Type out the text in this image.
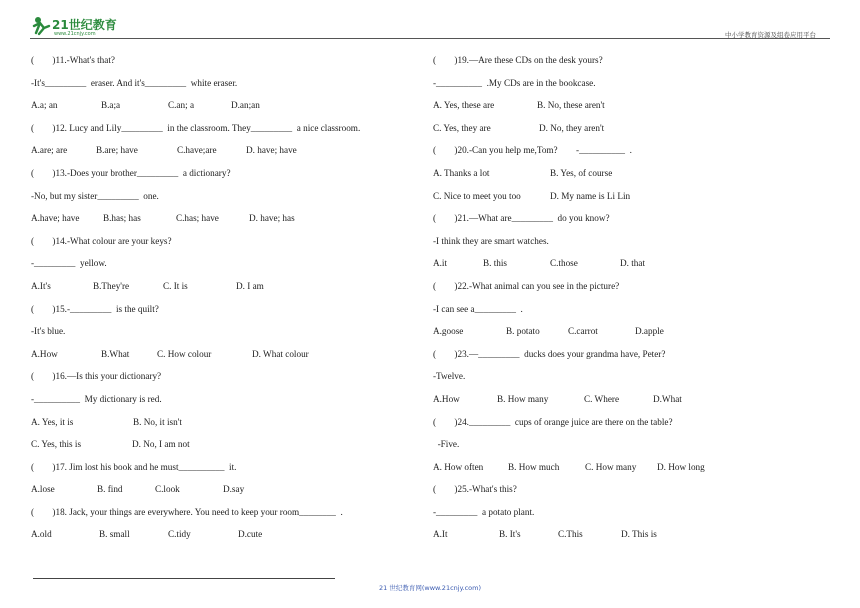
21世纪教育
www.21cnjy.com	中小学教育资源及组卷应用平台
(        )11.-What's that?
-It's_________  eraser. And it's_________  white eraser.
A.a; an	B.a;a	C.an; a	D.an;an
(        )12. Lucy and Lily_________  in the classroom. They_________  a nice classroom.
A.are; are	B.are; have	C.have;are	D. have; have
(        )13.-Does your brother_________  a dictionary?
-No, but my sister_________  one.
A.have; have	B.has; has	C.has; have	D. have; has
(        )14.-What colour are your keys?
-_________  yellow.
A.It's	B.They're	C. It is	D. I am
(        )15.-_________  is the quilt?
-It's blue.
A.How	B.What	C. How colour	D. What colour
(        )16.—Is this your dictionary?
-__________  My dictionary is red.
A. Yes, it is	B. No, it isn't
C. Yes, this is	D. No, I am not
(        )17. Jim lost his book and he must__________  it.
A.lose	B. find	C.look	D.say
(        )18. Jack, your things are everywhere. You need to keep your room________  .
A.old	B. small	C.tidy	D.cute
(        )19.—Are these CDs on the desk yours?
-__________  .My CDs are in the bookcase.
A. Yes, these are	B. No, these aren't
C. Yes, they are	D. No, they aren't
(        )20.-Can you help me,Tom?        -__________  .
A. Thanks a lot	B. Yes, of course
C. Nice to meet you too	D. My name is Li Lin
(        )21.—What are_________  do you know?
-I think they are smart watches.
A.it	B. this	C.those	D. that
(        )22.-What animal can you see in the picture?
-I can see a_________  .
A.goose	B. potato	C.carrot	D.apple
(        )23.—_________  ducks does your grandma have, Peter?
-Twelve.
A.How	B. How many	C. Where	D.What
(        )24._________  cups of orange juice are there on the table?
-Five.
A. How often	B. How much	C. How many	D. How long
(        )25.-What's this?
-_________  a potato plant.
A.It	B. It's	C.This	D. This is
21 世纪教育网(www.21cnjy.com)
